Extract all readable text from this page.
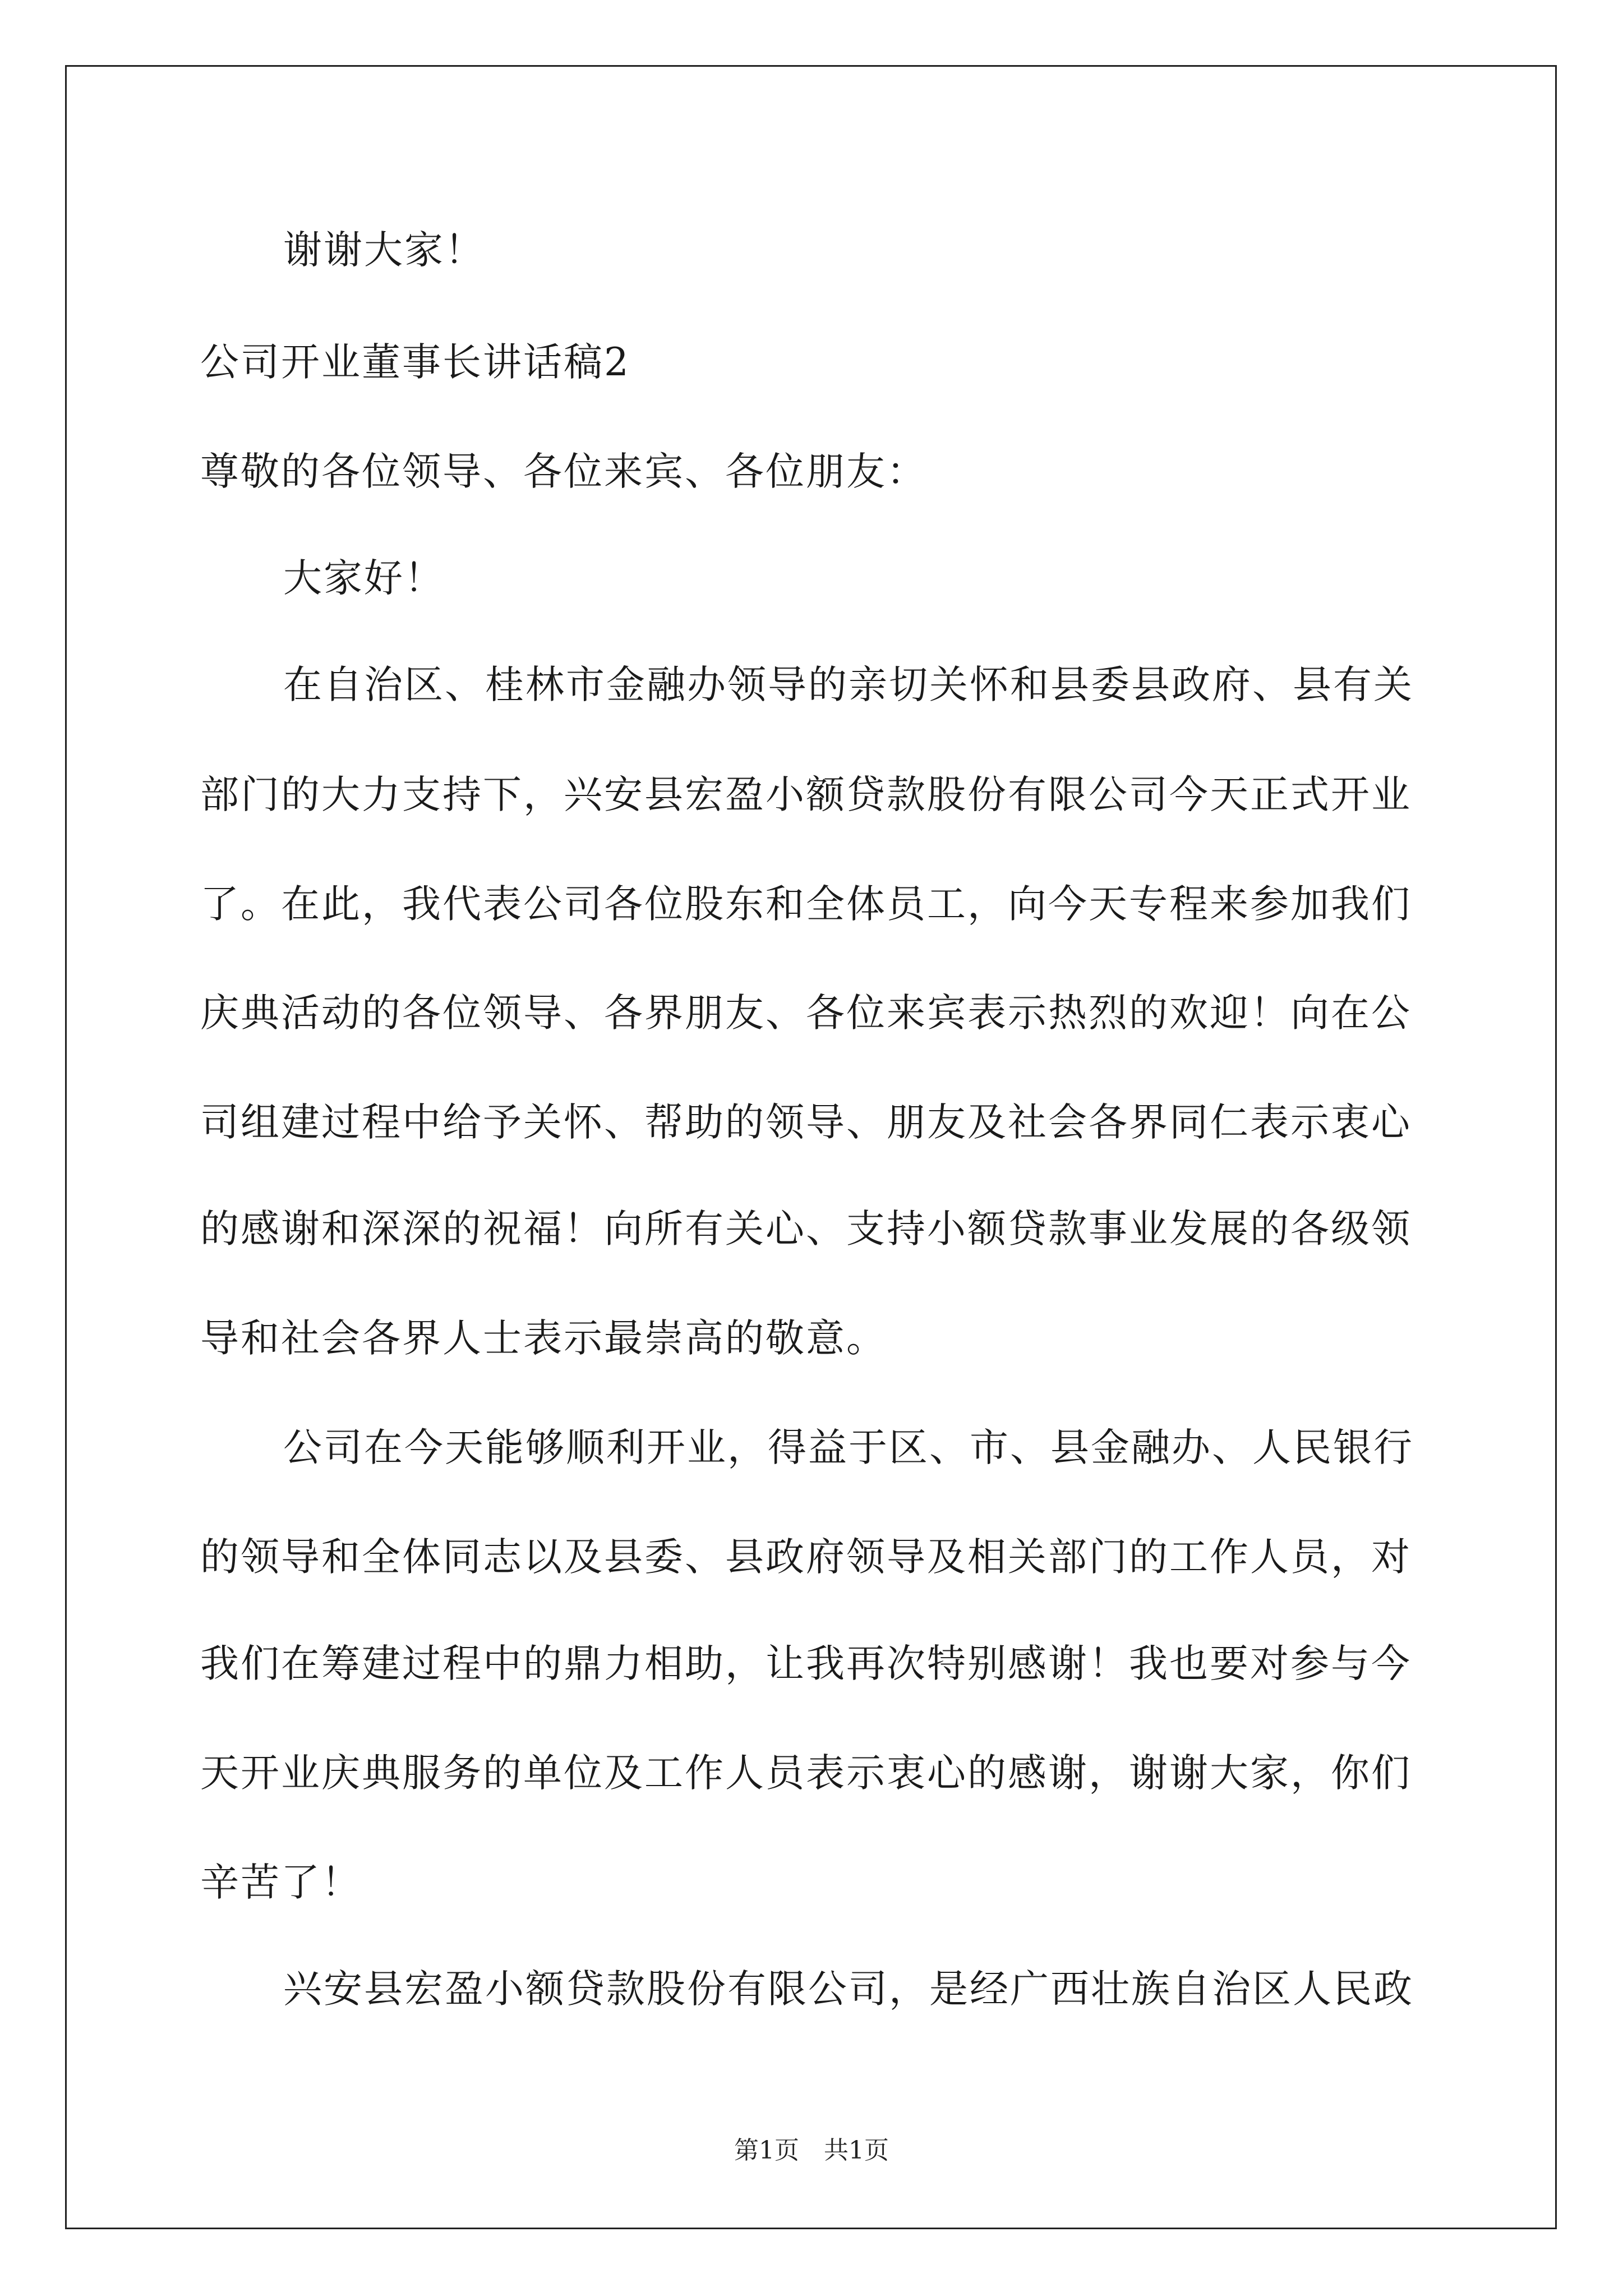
谢谢大家！
公司开业董事长讲话稿2
尊敬的各位领导、各位来宾、各位朋友：
大家好！
在自治区、桂林市金融办领导的亲切关怀和县委县政府、县有关
部门的大力支持下，兴安县宏盈小额贷款股份有限公司今天正式开业
了。在此，我代表公司各位股东和全体员工，向今天专程来参加我们
庆典活动的各位领导、各界朋友、各位来宾表示热烈的欢迎！向在公
司组建过程中给予关怀、帮助的领导、朋友及社会各界同仁表示衷心
的感谢和深深的祝福！向所有关心、支持小额贷款事业发展的各级领
导和社会各界人士表示最崇高的敬意。
公司在今天能够顺利开业，得益于区、市、县金融办、人民银行
的领导和全体同志以及县委、县政府领导及相关部门的工作人员，对
我们在筹建过程中的鼎力相助，让我再次特别感谢！我也要对参与今
天开业庆典服务的单位及工作人员表示衷心的感谢，谢谢大家，你们
辛苦了！
兴安县宏盈小额贷款股份有限公司，是经广西壮族自治区人民政
第1页　共1页
